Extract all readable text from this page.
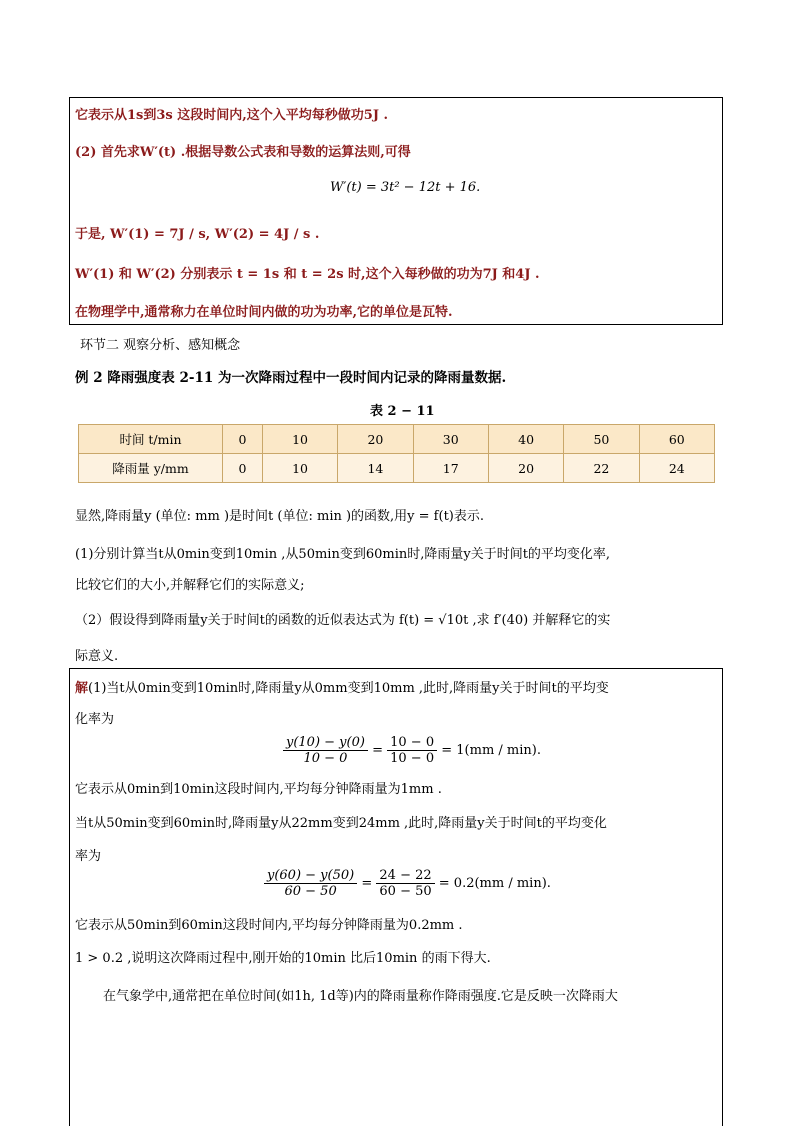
它表示从1s到3s 这段时间内,这个入平均每秒做功5J .
(2) 首先求W′(t) .根据导数公式表和导数的运算法则,可得
W′(t) = 3t² − 12t + 16.
于是, W′(1) = 7J / s, W′(2) = 4J / s .
W′(1) 和 W′(2) 分别表示 t = 1s 和 t = 2s 时,这个入每秒做的功为7J 和4J .
在物理学中,通常称力在单位时间内做的功为功率,它的单位是瓦特.
环节二 观察分析、感知概念
例 2 降雨强度表 2-11 为一次降雨过程中一段时间内记录的降雨量数据.
表 2 − 11
时间 t/min	0	10	20	30	40	50	60
降雨量 y/mm	0	10	14	17	20	22	24
显然,降雨量y (单位: mm )是时间t (单位: min )的函数,用y = f(t)表示.
(1)分别计算当t从0min变到10min ,从50min变到60min时,降雨量y关于时间t的平均变化率,
比较它们的大小,并解释它们的实际意义;
（2）假设得到降雨量y关于时间t的函数的近似表达式为 f(t) = √10t ,求 f′(40) 并解释它的实
际意义.
解(1)当t从0min变到10min时,降雨量y从0mm变到10mm ,此时,降雨量y关于时间t的平均变
化率为
$\frac{y(10) - y(0)}{10 - 0} = \frac{10 - 0}{10 - 0} = 1(mm / \min)$.
它表示从0min到10min这段时间内,平均每分钟降雨量为1mm .
当t从50min变到60min时,降雨量y从22mm变到24mm ,此时,降雨量y关于时间t的平均变化
率为
$\frac{y(60) - y(50)}{60 - 50} = \frac{24 - 22}{60 - 50} = 0.2(mm / \min)$.
它表示从50min到60min这段时间内,平均每分钟降雨量为0.2mm .
1 > 0.2 ,说明这次降雨过程中,刚开始的10min 比后10min 的雨下得大.
在气象学中,通常把在单位时间(如1h, 1d等)内的降雨量称作降雨强度.它是反映一次降雨大
